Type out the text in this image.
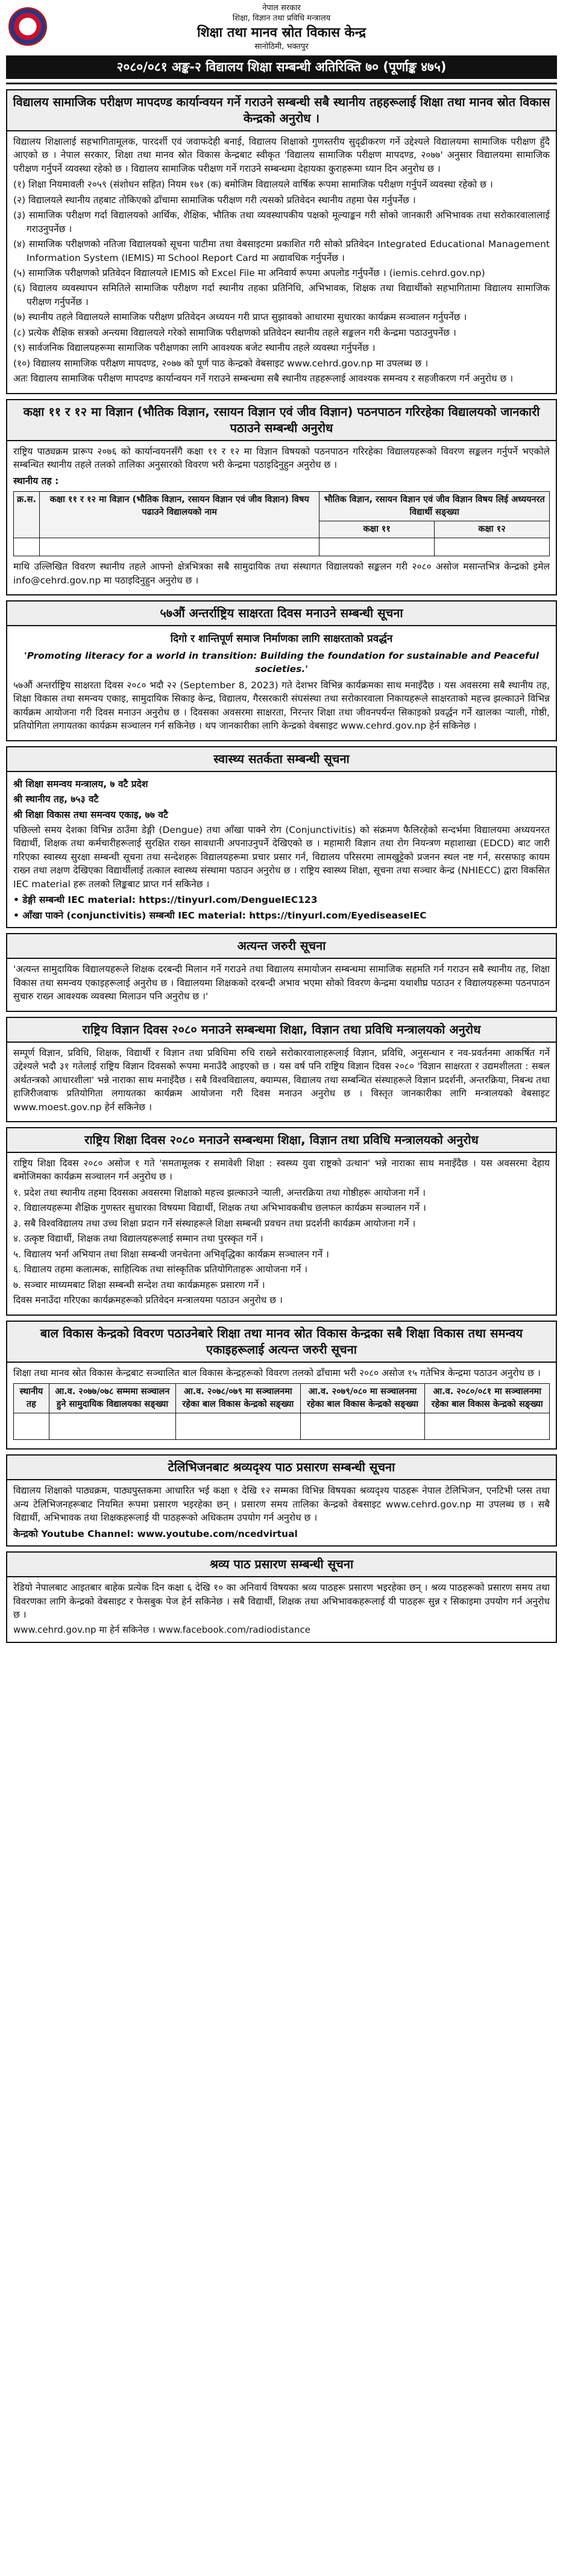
नेपाल सरकार
शिक्षा, विज्ञान तथा प्रविधि मन्त्रालय
शिक्षा तथा मानव स्रोत विकास केन्द्र
सानोठिमी, भक्तपुर
२०८०/०८१ अङ्क-२ विद्यालय शिक्षा सम्बन्धी अतिरिक्ति ७० (पूर्णाङ्क ४७५)
विद्यालय सामाजिक परीक्षण मापदण्ड कार्यान्वयन गर्ने गराउने सम्बन्धी सबै स्थानीय तहहरूलाई शिक्षा तथा मानव स्रोत विकास केन्द्रको अनुरोध ।

विद्यालय शिक्षालाई सहभागितामूलक, पारदर्शी एवं जवाफदेही बनाई, विद्यालय शिक्षाको गुणस्तरीय सुदृढीकरण गर्ने उद्देश्यले विद्यालयमा सामाजिक परीक्षण हुँदै आएको छ । नेपाल सरकार, शिक्षा तथा मानव स्रोत विकास केन्द्रबाट स्वीकृत 'विद्यालय सामाजिक परीक्षण मापदण्ड, २०७७' अनुसार विद्यालयमा सामाजिक परीक्षण गर्नुपर्ने व्यवस्था रहेको छ । विद्यालय सामाजिक परीक्षण गर्ने गराउने सम्बन्धमा देहायका कुराहरूमा ध्यान दिन अनुरोध छ ।

(१) शिक्षा नियमावली २०५९ (संशोधन सहित) नियम १७१ (क) बमोजिम विद्यालयले वार्षिक रूपमा सामाजिक परीक्षण गर्नुपर्ने व्यवस्था रहेको छ ।

(२) विद्यालयले स्थानीय तहबाट तोकिएको ढाँचामा सामाजिक परीक्षण गरी त्यसको प्रतिवेदन स्थानीय तहमा पेस गर्नुपर्नेछ ।

(३) सामाजिक परीक्षण गर्दा विद्यालयको आर्थिक, शैक्षिक, भौतिक तथा व्यवस्थापकीय पक्षको मूल्याङ्कन गरी सोको जानकारी अभिभावक तथा सरोकारवालालाई गराउनुपर्नेछ ।

(४) सामाजिक परीक्षणको नतिजा विद्यालयको सूचना पाटीमा तथा वेबसाइटमा प्रकाशित गरी सोको प्रतिवेदन Integrated Educational Management Information System (IEMIS) मा School Report Card मा अद्यावधिक गर्नुपर्नेछ ।

(५) सामाजिक परीक्षणको प्रतिवेदन विद्यालयले IEMIS को Excel File मा अनिवार्य रूपमा अपलोड गर्नुपर्नेछ । (iemis.cehrd.gov.np)

(६) विद्यालय व्यवस्थापन समितिले सामाजिक परीक्षण गर्दा स्थानीय तहका प्रतिनिधि, अभिभावक, शिक्षक तथा विद्यार्थीको सहभागितामा विद्यालय सामाजिक परीक्षण गर्नुपर्नेछ ।

(७) स्थानीय तहले विद्यालयले सामाजिक परीक्षण प्रतिवेदन अध्ययन गरी प्राप्त सुझावको आधारमा सुधारका कार्यक्रम सञ्चालन गर्नुपर्नेछ ।

(८) प्रत्येक शैक्षिक सत्रको अन्त्यमा विद्यालयले गरेको सामाजिक परीक्षणको प्रतिवेदन स्थानीय तहले सङ्कलन गरी केन्द्रमा पठाउनुपर्नेछ ।

(९) सार्वजनिक विद्यालयहरूमा सामाजिक परीक्षणका लागि आवश्यक बजेट स्थानीय तहले व्यवस्था गर्नुपर्नेछ ।

(१०) विद्यालय सामाजिक परीक्षण मापदण्ड, २०७७ को पूर्ण पाठ केन्द्रको वेबसाइट www.cehrd.gov.np मा उपलब्ध छ ।

अतः विद्यालय सामाजिक परीक्षण मापदण्ड कार्यान्वयन गर्ने गराउने सम्बन्धमा सबै स्थानीय तहहरूलाई आवश्यक समन्वय र सहजीकरण गर्न अनुरोध छ ।

कक्षा ११ र १२ मा विज्ञान (भौतिक विज्ञान, रसायन विज्ञान एवं जीव विज्ञान) पठनपाठन गरिरहेका विद्यालयको जानकारी पठाउने सम्बन्धी अनुरोध

राष्ट्रिय पाठ्यक्रम प्रारूप २०७६ को कार्यान्वयनसँगै कक्षा ११ र १२ मा विज्ञान विषयको पठनपाठन गरिरहेका विद्यालयहरूको विवरण सङ्कलन गर्नुपर्ने भएकोले सम्बन्धित स्थानीय तहले तलको तालिका अनुसारको विवरण भरी केन्द्रमा पठाइदिनुहुन अनुरोध छ ।

स्थानीय तह :

क्र.स.	कक्षा ११ र १२ मा विज्ञान (भौतिक विज्ञान, रसायन विज्ञान एवं जीव विज्ञान) विषय पढाउने विद्यालयको नाम	भौतिक विज्ञान, रसायन विज्ञान एवं जीव विज्ञान विषय लिई अध्ययनरत विद्यार्थी सङ्ख्या	
		कक्षा ११	कक्षा १२

माथि उल्लिखित विवरण स्थानीय तहले आफ्नो क्षेत्रभित्रका सबै सामुदायिक तथा संस्थागत विद्यालयको सङ्कलन गरी २०८० असोज मसान्तभित्र केन्द्रको इमेल info@cehrd.gov.np मा पठाइदिनुहुन अनुरोध छ ।

५७औं अन्तर्राष्ट्रिय साक्षरता दिवस मनाउने सम्बन्धी सूचना

दिगो र शान्तिपूर्ण समाज निर्माणका लागि साक्षरताको प्रवर्द्धन

'Promoting literacy for a world in transition: Building the foundation for sustainable and Peaceful societies.'

५७औं अन्तर्राष्ट्रिय साक्षरता दिवस २०८० भदौ २२ (September 8, 2023) गते देशभर विभिन्न कार्यक्रमका साथ मनाइँदैछ । यस अवसरमा सबै स्थानीय तह, शिक्षा विकास तथा समन्वय एकाइ, सामुदायिक सिकाइ केन्द्र, विद्यालय, गैरसरकारी संघसंस्था तथा सरोकारवाला निकायहरूले साक्षरताको महत्त्व झल्काउने विभिन्न कार्यक्रम आयोजना गरी दिवस मनाउन अनुरोध छ । दिवसका अवसरमा साक्षरता, निरन्तर शिक्षा तथा जीवनपर्यन्त सिकाइको प्रवर्द्धन गर्ने खालका र्‍याली, गोष्ठी, प्रतियोगिता लगायतका कार्यक्रम सञ्चालन गर्न सकिनेछ । थप जानकारीका लागि केन्द्रको वेबसाइट www.cehrd.gov.np हेर्न सकिनेछ ।

स्वास्थ्य सतर्कता सम्बन्धी सूचना

श्री शिक्षा समन्वय मन्त्रालय, ७ वटै प्रदेश

श्री स्थानीय तह, ७५३ वटै

श्री शिक्षा विकास तथा समन्वय एकाइ, ७७ वटै

पछिल्लो समय देशका विभिन्न ठाउँमा डेङ्गी (Dengue) तथा आँखा पाक्ने रोग (Conjunctivitis) को संक्रमण फैलिरहेको सन्दर्भमा विद्यालयमा अध्ययनरत विद्यार्थी, शिक्षक तथा कर्मचारीहरूलाई सुरक्षित राख्न सावधानी अपनाउनुपर्ने देखिएको छ । महामारी विज्ञान तथा रोग नियन्त्रण महाशाखा (EDCD) बाट जारी गरिएका स्वास्थ्य सुरक्षा सम्बन्धी सूचना तथा सन्देशहरू विद्यालयहरूमा प्रचार प्रसार गर्न, विद्यालय परिसरमा लामखुट्टेको प्रजनन स्थल नष्ट गर्न, सरसफाइ कायम राख्न तथा लक्षण देखिएका विद्यार्थीलाई तत्काल स्वास्थ्य संस्थामा पठाउन अनुरोध छ । राष्ट्रिय स्वास्थ्य शिक्षा, सूचना तथा सञ्चार केन्द्र (NHIECC) द्वारा विकसित IEC material हरू तलको लिङ्कबाट प्राप्त गर्न सकिनेछ ।

• डेङ्गी सम्बन्धी IEC material: https://tinyurl.com/DengueIEC123

• आँखा पाक्ने (conjunctivitis) सम्बन्धी IEC material: https://tinyurl.com/EyediseaseIEC

अत्यन्त जरुरी सूचना

'अत्यन्त सामुदायिक विद्यालयहरूले शिक्षक दरबन्दी मिलान गर्ने गराउने तथा विद्यालय समायोजन सम्बन्धमा सामाजिक सहमति गर्न गराउन सबै स्थानीय तह, शिक्षा विकास तथा समन्वय एकाइहरूलाई अनुरोध छ । विद्यालयमा शिक्षकको दरबन्दी अभाव भएमा सोको विवरण केन्द्रमा यथाशीघ्र पठाउन र विद्यालयहरूमा पठनपाठन सुचारु राख्न आवश्यक व्यवस्था मिलाउन पनि अनुरोध छ ।'

राष्ट्रिय विज्ञान दिवस २०८० मनाउने सम्बन्धमा शिक्षा, विज्ञान तथा प्रविधि मन्त्रालयको अनुरोध

सम्पूर्ण विज्ञान, प्रविधि, शिक्षक, विद्यार्थी र विज्ञान तथा प्रविधिमा रुचि राख्ने सरोकारवालाहरूलाई विज्ञान, प्रविधि, अनुसन्धान र नव-प्रवर्तनमा आकर्षित गर्ने उद्देश्यले भदौ ३१ गतेलाई राष्ट्रिय विज्ञान दिवसको रूपमा मनाउँदै आइएको छ । यस वर्ष पनि राष्ट्रिय विज्ञान दिवस २०८० 'विज्ञान साक्षरता र उद्यमशीलता : सबल अर्थतन्त्रको आधारशीला' भन्ने नाराका साथ मनाइँदैछ । सबै विश्वविद्यालय, क्याम्पस, विद्यालय तथा सम्बन्धित संस्थाहरूले विज्ञान प्रदर्शनी, अन्तरक्रिया, निबन्ध तथा हाजिरीजवाफ प्रतियोगिता लगायतका कार्यक्रम आयोजना गरी दिवस मनाउन अनुरोध छ । विस्तृत जानकारीका लागि मन्त्रालयको वेबसाइट www.moest.gov.np हेर्न सकिनेछ ।

राष्ट्रिय शिक्षा दिवस २०८० मनाउने सम्बन्धमा शिक्षा, विज्ञान तथा प्रविधि मन्त्रालयको अनुरोध

राष्ट्रिय शिक्षा दिवस २०८० असोज १ गते 'समतामूलक र समावेशी शिक्षा : स्वस्थ्य युवा राष्ट्रको उत्थान' भन्ने नाराका साथ मनाइँदैछ । यस अवसरमा देहाय बमोजिमका कार्यक्रम सञ्चालन गर्न अनुरोध छ ।

१. प्रदेश तथा स्थानीय तहमा दिवसका अवसरमा शिक्षाको महत्त्व झल्काउने र्‍याली, अन्तरक्रिया तथा गोष्ठीहरू आयोजना गर्ने ।

२. विद्यालयहरूमा शैक्षिक गुणस्तर सुधारका विषयमा विद्यार्थी, शिक्षक तथा अभिभावकबीच छलफल कार्यक्रम सञ्चालन गर्ने ।

३. सबै विश्वविद्यालय तथा उच्च शिक्षा प्रदान गर्ने संस्थाहरूले शिक्षा सम्बन्धी प्रवचन तथा प्रदर्शनी कार्यक्रम आयोजना गर्ने ।

४. उत्कृष्ट विद्यार्थी, शिक्षक तथा विद्यालयहरूलाई सम्मान तथा पुरस्कृत गर्ने ।

५. विद्यालय भर्ना अभियान तथा शिक्षा सम्बन्धी जनचेतना अभिवृद्धिका कार्यक्रम सञ्चालन गर्ने ।

६. विद्यालय तहमा कलात्मक, साहित्यिक तथा सांस्कृतिक प्रतियोगिताहरू आयोजना गर्ने ।

७. सञ्चार माध्यमबाट शिक्षा सम्बन्धी सन्देश तथा कार्यक्रमहरू प्रसारण गर्ने ।

दिवस मनाउँदा गरिएका कार्यक्रमहरूको प्रतिवेदन मन्त्रालयमा पठाउन अनुरोध छ ।

बाल विकास केन्द्रको विवरण पठाउनेबारे शिक्षा तथा मानव स्रोत विकास केन्द्रका सबै शिक्षा विकास तथा समन्वय एकाइहरूलाई अत्यन्त जरुरी सूचना

शिक्षा तथा मानव स्रोत विकास केन्द्रबाट सञ्चालित बाल विकास केन्द्रहरूको विवरण तलको ढाँचामा भरी २०८० असोज १५ गतेभित्र केन्द्रमा पठाउन अनुरोध छ ।

स्थानीय तह	आ.व. २०७७/०७८ सम्ममा सञ्चालन हुने सामुदायिक विद्यालयका सङ्ख्या	आ.व. २०७८/०७९ मा सञ्चालनमा रहेका बाल विकास केन्द्रको सङ्ख्या	आ.व. २०७९/०८० मा सञ्चालनमा रहेका बाल विकास केन्द्रको सङ्ख्या	आ.व. २०८०/०८१ मा सञ्चालनमा रहेका बाल विकास केन्द्रको सङ्ख्या

टेलिभिजनबाट श्रव्यदृश्य पाठ प्रसारण सम्बन्धी सूचना

विद्यालय शिक्षाको पाठ्यक्रम, पाठ्यपुस्तकमा आधारित भई कक्षा १ देखि १२ सम्मका विभिन्न विषयका श्रव्यदृश्य पाठहरू नेपाल टेलिभिजन, एनटिभी प्लस तथा अन्य टेलिभिजनहरूबाट नियमित रूपमा प्रसारण भइरहेका छन् । प्रसारण समय तालिका केन्द्रको वेबसाइट www.cehrd.gov.np मा उपलब्ध छ । सबै विद्यार्थी, अभिभावक तथा शिक्षकहरूलाई यी पाठहरूको अधिकतम उपयोग गर्न अनुरोध छ ।

केन्द्रको Youtube Channel: www.youtube.com/ncedvirtual

श्रव्य पाठ प्रसारण सम्बन्धी सूचना

रेडियो नेपालबाट आइतबार बाहेक प्रत्येक दिन कक्षा ६ देखि १० का अनिवार्य विषयका श्रव्य पाठहरू प्रसारण भइरहेका छन् । श्रव्य पाठहरूको प्रसारण समय तथा विवरणका लागि केन्द्रको वेबसाइट र फेसबुक पेज हेर्न सकिनेछ । सबै विद्यार्थी, शिक्षक तथा अभिभावकहरूलाई यी पाठहरू सुन्न र सिकाइमा उपयोग गर्न अनुरोध छ ।

www.cehrd.gov.np मा हेर्न सकिनेछ । www.facebook.com/radiodistance
